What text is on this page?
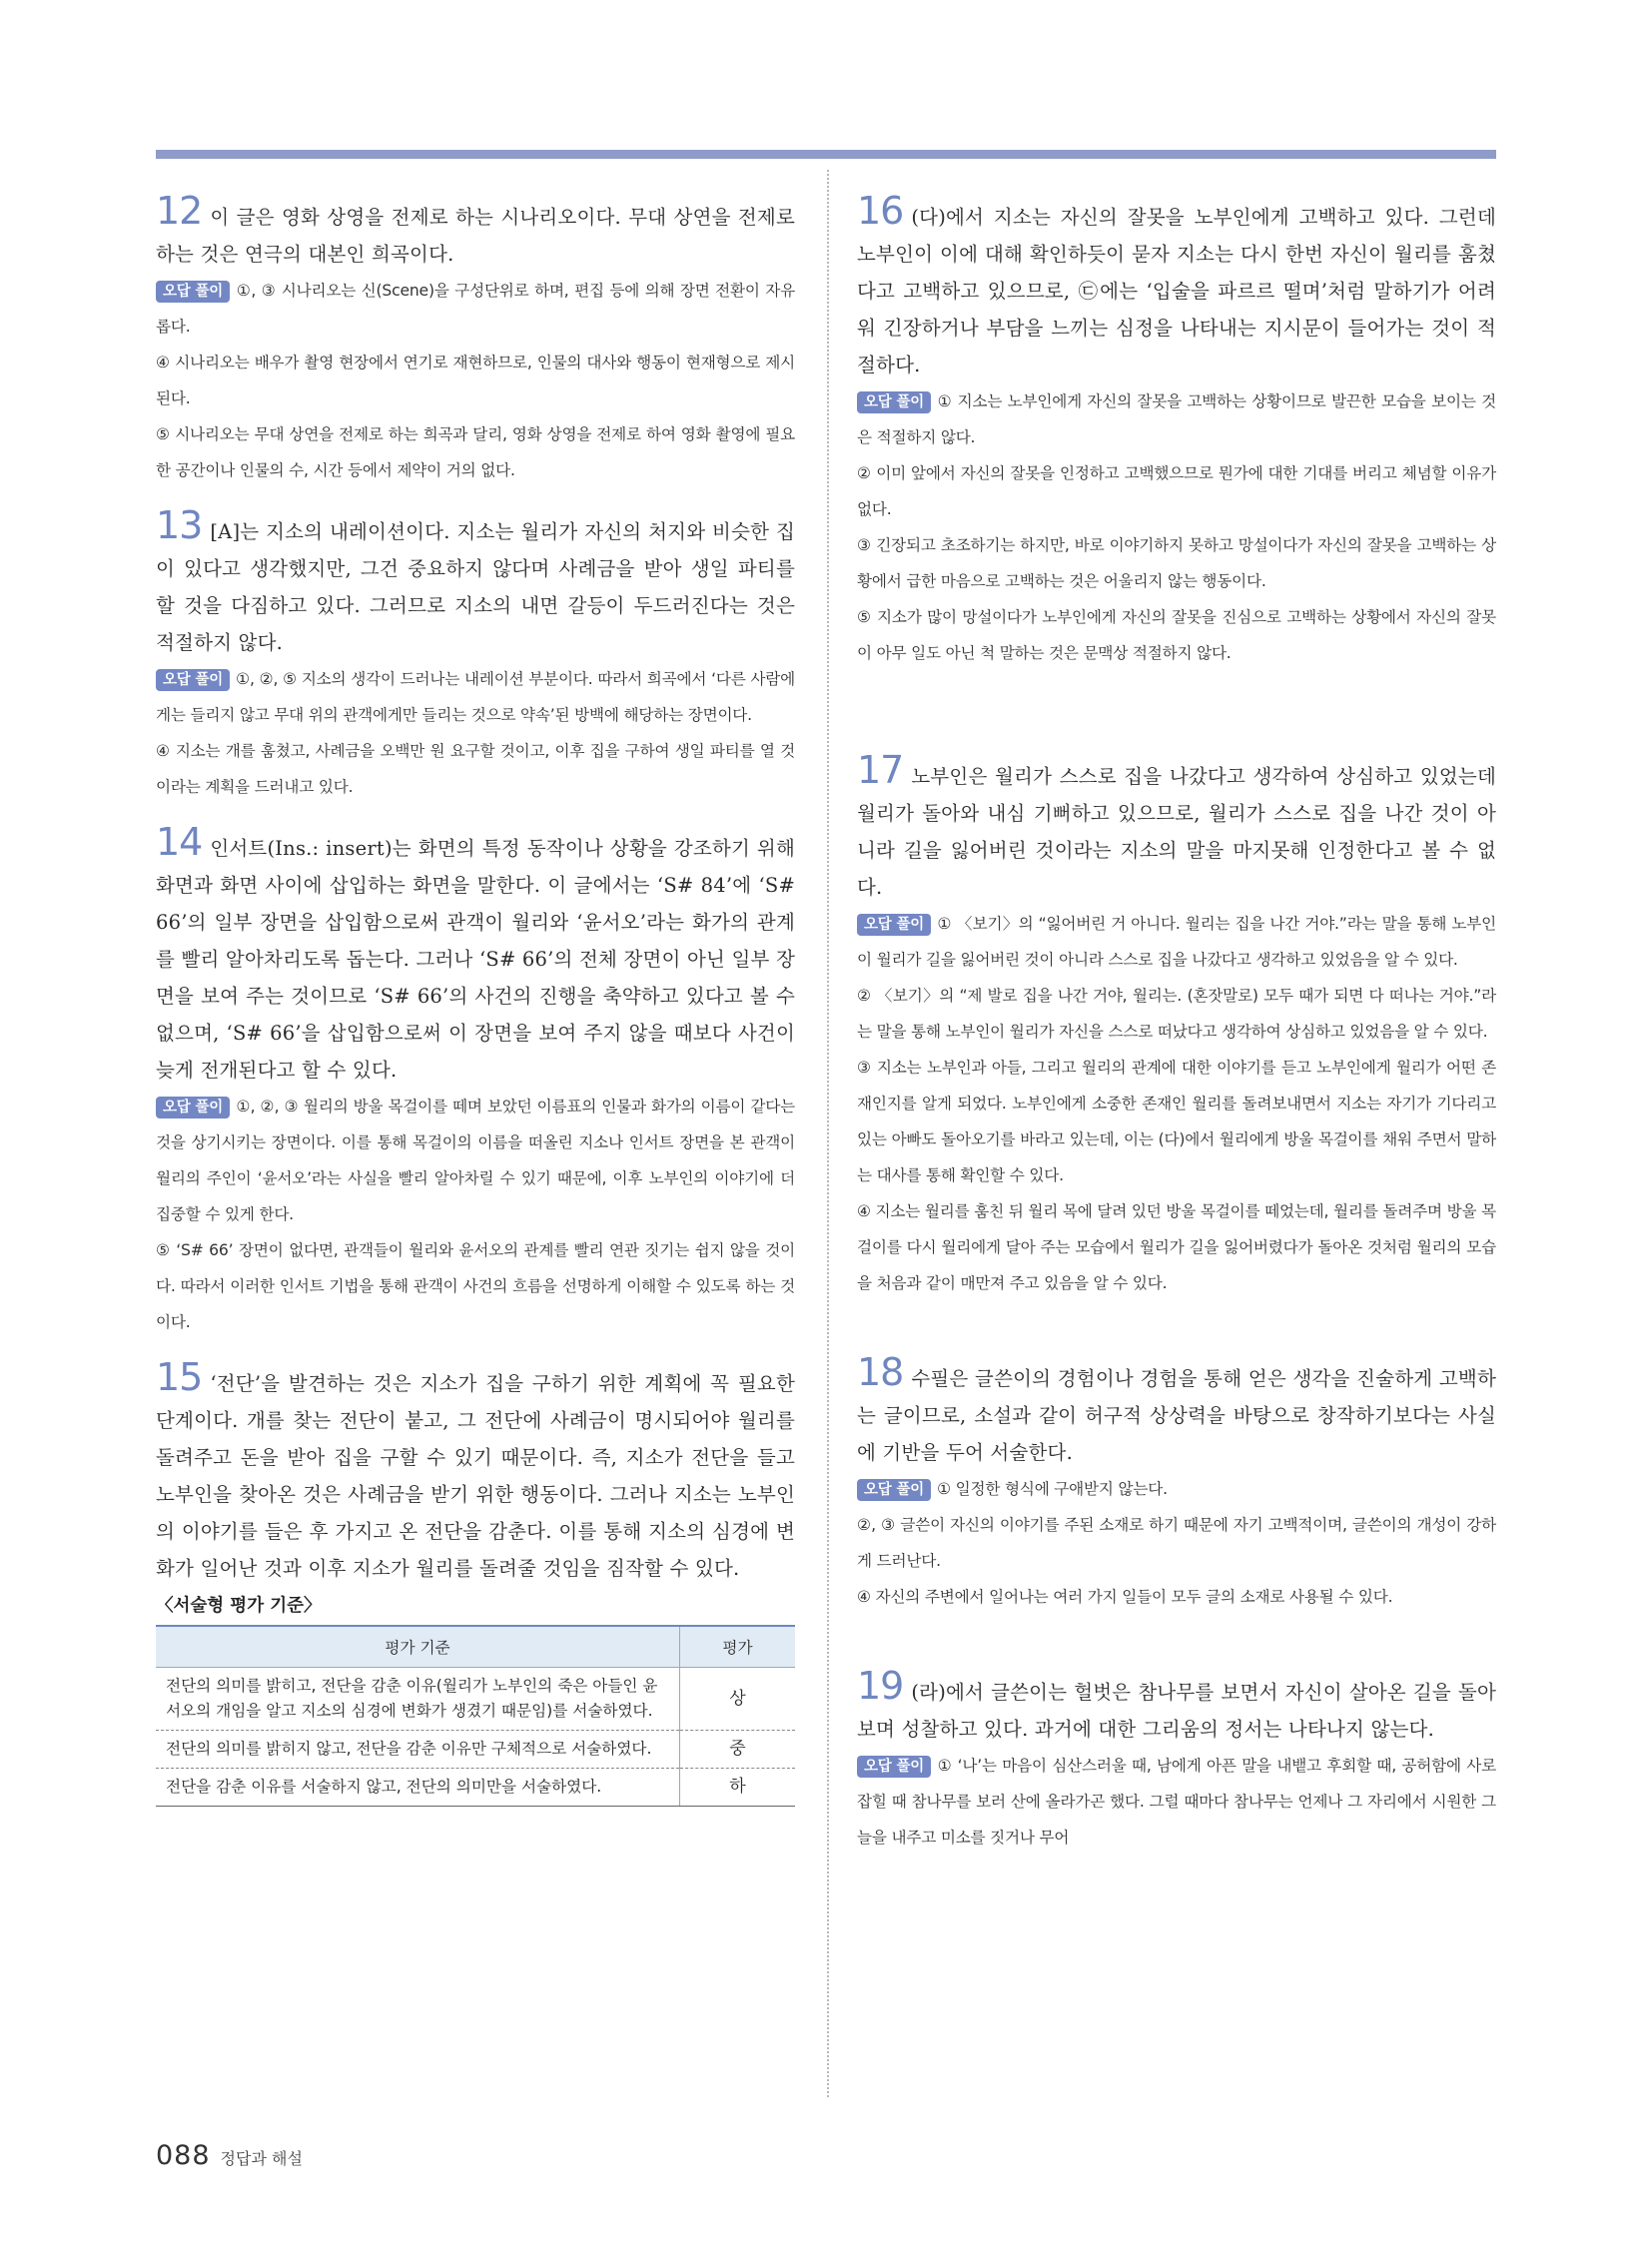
12 이 글은 영화 상영을 전제로 하는 시나리오이다. 무대 상연을 전제로 하는 것은 연극의 대본인 희곡이다.

오답 풀이 ①, ③ 시나리오는 신(Scene)을 구성단위로 하며, 편집 등에 의해 장면 전환이 자유롭다.

④ 시나리오는 배우가 촬영 현장에서 연기로 재현하므로, 인물의 대사와 행동이 현재형으로 제시된다.

⑤ 시나리오는 무대 상연을 전제로 하는 희곡과 달리, 영화 상영을 전제로 하여 영화 촬영에 필요한 공간이나 인물의 수, 시간 등에서 제약이 거의 없다.

13 [A]는 지소의 내레이션이다. 지소는 월리가 자신의 처지와 비슷한 집이 있다고 생각했지만, 그건 중요하지 않다며 사례금을 받아 생일 파티를 할 것을 다짐하고 있다. 그러므로 지소의 내면 갈등이 두드러진다는 것은 적절하지 않다.

오답 풀이 ①, ②, ⑤ 지소의 생각이 드러나는 내레이션 부분이다. 따라서 희곡에서 ‘다른 사람에게는 들리지 않고 무대 위의 관객에게만 들리는 것으로 약속’된 방백에 해당하는 장면이다.

④ 지소는 개를 훔쳤고, 사례금을 오백만 원 요구할 것이고, 이후 집을 구하여 생일 파티를 열 것이라는 계획을 드러내고 있다.

14 인서트(Ins.: insert)는 화면의 특정 동작이나 상황을 강조하기 위해 화면과 화면 사이에 삽입하는 화면을 말한다. 이 글에서는 ‘S# 84’에 ‘S# 66’의 일부 장면을 삽입함으로써 관객이 월리와 ‘윤서오’라는 화가의 관계를 빨리 알아차리도록 돕는다. 그러나 ‘S# 66’의 전체 장면이 아닌 일부 장면을 보여 주는 것이므로 ‘S# 66’의 사건의 진행을 축약하고 있다고 볼 수 없으며, ‘S# 66’을 삽입함으로써 이 장면을 보여 주지 않을 때보다 사건이 늦게 전개된다고 할 수 있다.

오답 풀이 ①, ②, ③ 월리의 방울 목걸이를 떼며 보았던 이름표의 인물과 화가의 이름이 같다는 것을 상기시키는 장면이다. 이를 통해 목걸이의 이름을 떠올린 지소나 인서트 장면을 본 관객이 월리의 주인이 ‘윤서오’라는 사실을 빨리 알아차릴 수 있기 때문에, 이후 노부인의 이야기에 더 집중할 수 있게 한다.

⑤ ‘S# 66’ 장면이 없다면, 관객들이 월리와 윤서오의 관계를 빨리 연관 짓기는 쉽지 않을 것이다. 따라서 이러한 인서트 기법을 통해 관객이 사건의 흐름을 선명하게 이해할 수 있도록 하는 것이다.

15 ‘전단’을 발견하는 것은 지소가 집을 구하기 위한 계획에 꼭 필요한 단계이다. 개를 찾는 전단이 붙고, 그 전단에 사례금이 명시되어야 월리를 돌려주고 돈을 받아 집을 구할 수 있기 때문이다. 즉, 지소가 전단을 들고 노부인을 찾아온 것은 사례금을 받기 위한 행동이다. 그러나 지소는 노부인의 이야기를 들은 후 가지고 온 전단을 감춘다. 이를 통해 지소의 심경에 변화가 일어난 것과 이후 지소가 월리를 돌려줄 것임을 짐작할 수 있다.

〈서술형 평가 기준〉
평가 기준	평가
전단의 의미를 밝히고, 전단을 감춘 이유(월리가 노부인의 죽은 아들인 윤서오의 개임을 알고 지소의 심경에 변화가 생겼기 때문임)를 서술하였다.	상
전단의 의미를 밝히지 않고, 전단을 감춘 이유만 구체적으로 서술하였다.	중
전단을 감춘 이유를 서술하지 않고, 전단의 의미만을 서술하였다.	하

16 (다)에서 지소는 자신의 잘못을 노부인에게 고백하고 있다. 그런데 노부인이 이에 대해 확인하듯이 묻자 지소는 다시 한번 자신이 월리를 훔쳤다고 고백하고 있으므로, ㉢에는 ‘입술을 파르르 떨며’처럼 말하기가 어려워 긴장하거나 부담을 느끼는 심정을 나타내는 지시문이 들어가는 것이 적절하다.

오답 풀이 ① 지소는 노부인에게 자신의 잘못을 고백하는 상황이므로 발끈한 모습을 보이는 것은 적절하지 않다.

② 이미 앞에서 자신의 잘못을 인정하고 고백했으므로 뭔가에 대한 기대를 버리고 체념할 이유가 없다.

③ 긴장되고 초조하기는 하지만, 바로 이야기하지 못하고 망설이다가 자신의 잘못을 고백하는 상황에서 급한 마음으로 고백하는 것은 어울리지 않는 행동이다.

⑤ 지소가 많이 망설이다가 노부인에게 자신의 잘못을 진심으로 고백하는 상황에서 자신의 잘못이 아무 일도 아닌 척 말하는 것은 문맥상 적절하지 않다.

17 노부인은 월리가 스스로 집을 나갔다고 생각하여 상심하고 있었는데 월리가 돌아와 내심 기뻐하고 있으므로, 월리가 스스로 집을 나간 것이 아니라 길을 잃어버린 것이라는 지소의 말을 마지못해 인정한다고 볼 수 없다.

오답 풀이 ① 〈보기〉의 “잃어버린 거 아니다. 월리는 집을 나간 거야.”라는 말을 통해 노부인이 월리가 길을 잃어버린 것이 아니라 스스로 집을 나갔다고 생각하고 있었음을 알 수 있다.

② 〈보기〉의 “제 발로 집을 나간 거야, 월리는. (혼잣말로) 모두 때가 되면 다 떠나는 거야.”라는 말을 통해 노부인이 월리가 자신을 스스로 떠났다고 생각하여 상심하고 있었음을 알 수 있다.

③ 지소는 노부인과 아들, 그리고 월리의 관계에 대한 이야기를 듣고 노부인에게 월리가 어떤 존재인지를 알게 되었다. 노부인에게 소중한 존재인 월리를 돌려보내면서 지소는 자기가 기다리고 있는 아빠도 돌아오기를 바라고 있는데, 이는 (다)에서 월리에게 방울 목걸이를 채워 주면서 말하는 대사를 통해 확인할 수 있다.

④ 지소는 월리를 훔친 뒤 월리 목에 달려 있던 방울 목걸이를 떼었는데, 월리를 돌려주며 방울 목걸이를 다시 월리에게 달아 주는 모습에서 월리가 길을 잃어버렸다가 돌아온 것처럼 월리의 모습을 처음과 같이 매만져 주고 있음을 알 수 있다.

18 수필은 글쓴이의 경험이나 경험을 통해 얻은 생각을 진술하게 고백하는 글이므로, 소설과 같이 허구적 상상력을 바탕으로 창작하기보다는 사실에 기반을 두어 서술한다.

오답 풀이 ① 일정한 형식에 구애받지 않는다.

②, ③ 글쓴이 자신의 이야기를 주된 소재로 하기 때문에 자기 고백적이며, 글쓴이의 개성이 강하게 드러난다.

④ 자신의 주변에서 일어나는 여러 가지 일들이 모두 글의 소재로 사용될 수 있다.

19 (라)에서 글쓴이는 헐벗은 참나무를 보면서 자신이 살아온 길을 돌아보며 성찰하고 있다. 과거에 대한 그리움의 정서는 나타나지 않는다.

오답 풀이 ① ‘나’는 마음이 심산스러울 때, 남에게 아픈 말을 내뱉고 후회할 때, 공허함에 사로잡힐 때 참나무를 보러 산에 올라가곤 했다. 그럴 때마다 참나무는 언제나 그 자리에서 시원한 그늘을 내주고 미소를 짓거나 무어

088 정답과 해설
